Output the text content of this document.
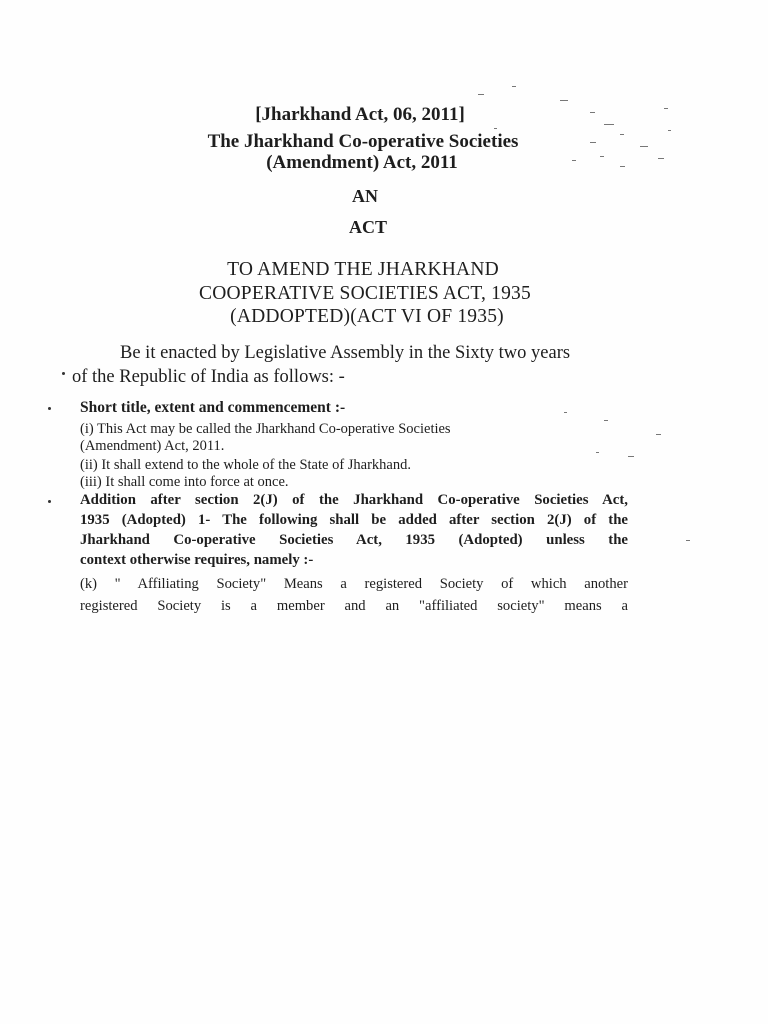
[Jharkhand Act, 06, 2011]
The Jharkhand Co-operative Societies
(Amendment) Act, 2011
AN
ACT
TO AMEND THE JHARKHAND
COOPERATIVE SOCIETIES ACT, 1935
(ADDOPTED)(ACT VI OF 1935)
Be it enacted by Legislative Assembly in the Sixty two years
of the Republic of India as follows: -
Short title, extent and commencement :-
(i) This Act may be called the Jharkhand Co-operative Societies
(Amendment) Act, 2011.
(ii) It shall extend to the whole of the State of Jharkhand.
(iii) It shall come into force at once.
Addition after section 2(J) of the Jharkhand Co-operative Societies Act,
1935 (Adopted) 1- The following shall be added after section 2(J) of the
Jharkhand Co-operative Societies Act, 1935 (Adopted) unless the
context otherwise requires, namely :-
(k) " Affiliating Society" Means a registered Society of which another
registered Society is a member and an "affiliated society" means a
